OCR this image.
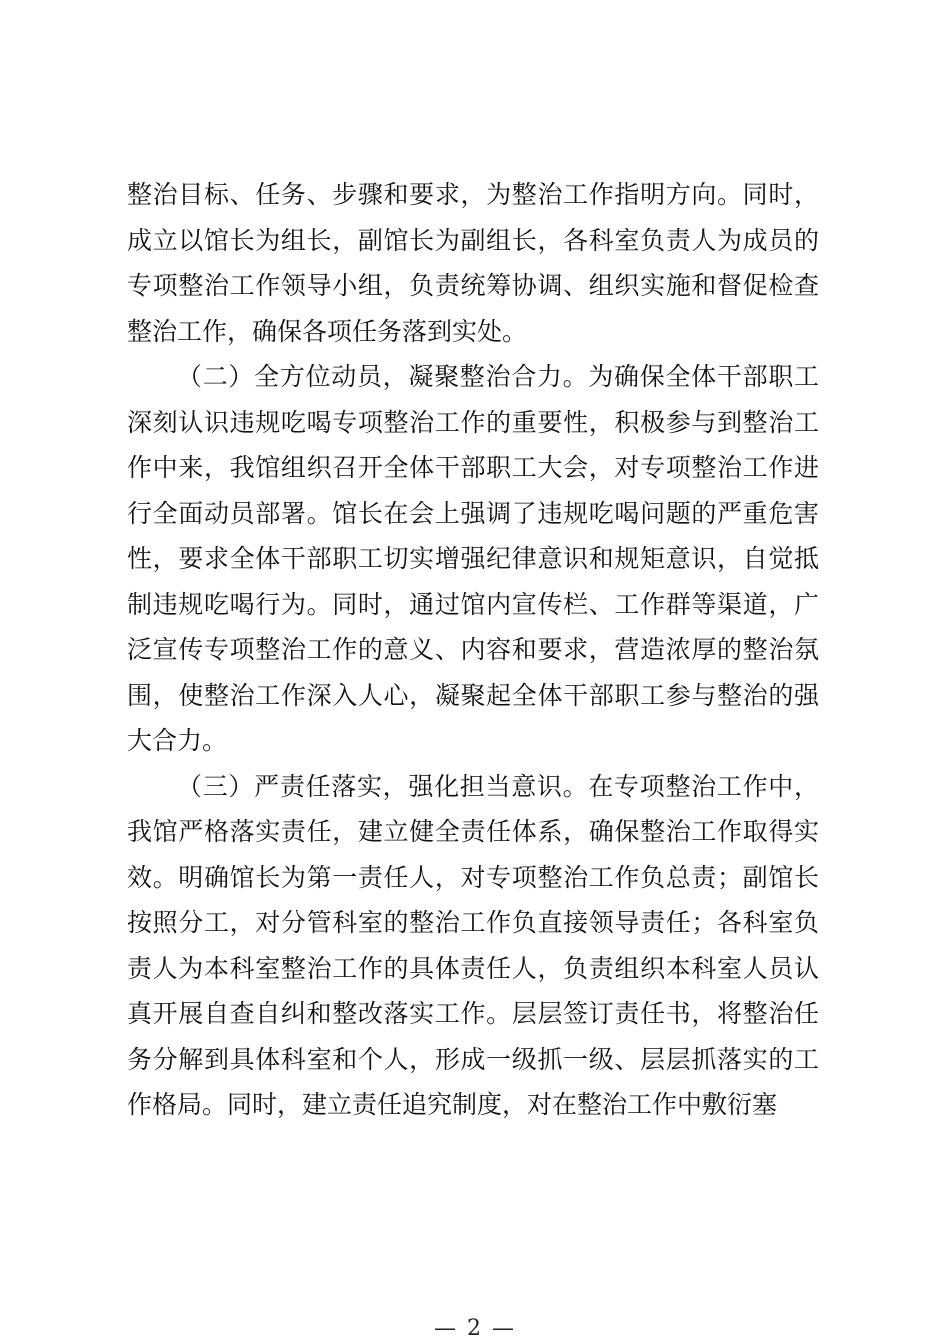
整治目标、任务、步骤和要求，为整治工作指明方向。同时，
成立以馆长为组长，副馆长为副组长，各科室负责人为成员的
专项整治工作领导小组，负责统筹协调、组织实施和督促检查
整治工作，确保各项任务落到实处。
（二）全方位动员，凝聚整治合力。为确保全体干部职工
深刻认识违规吃喝专项整治工作的重要性，积极参与到整治工
作中来，我馆组织召开全体干部职工大会，对专项整治工作进
行全面动员部署。馆长在会上强调了违规吃喝问题的严重危害
性，要求全体干部职工切实增强纪律意识和规矩意识，自觉抵
制违规吃喝行为。同时，通过馆内宣传栏、工作群等渠道，广
泛宣传专项整治工作的意义、内容和要求，营造浓厚的整治氛
围，使整治工作深入人心，凝聚起全体干部职工参与整治的强
大合力。
（三）严责任落实，强化担当意识。在专项整治工作中，
我馆严格落实责任，建立健全责任体系，确保整治工作取得实
效。明确馆长为第一责任人，对专项整治工作负总责；副馆长
按照分工，对分管科室的整治工作负直接领导责任；各科室负
责人为本科室整治工作的具体责任人，负责组织本科室人员认
真开展自查自纠和整改落实工作。层层签订责任书，将整治任
务分解到具体科室和个人，形成一级抓一级、层层抓落实的工
作格局。同时，建立责任追究制度，对在整治工作中敷衍塞
— 2 —
